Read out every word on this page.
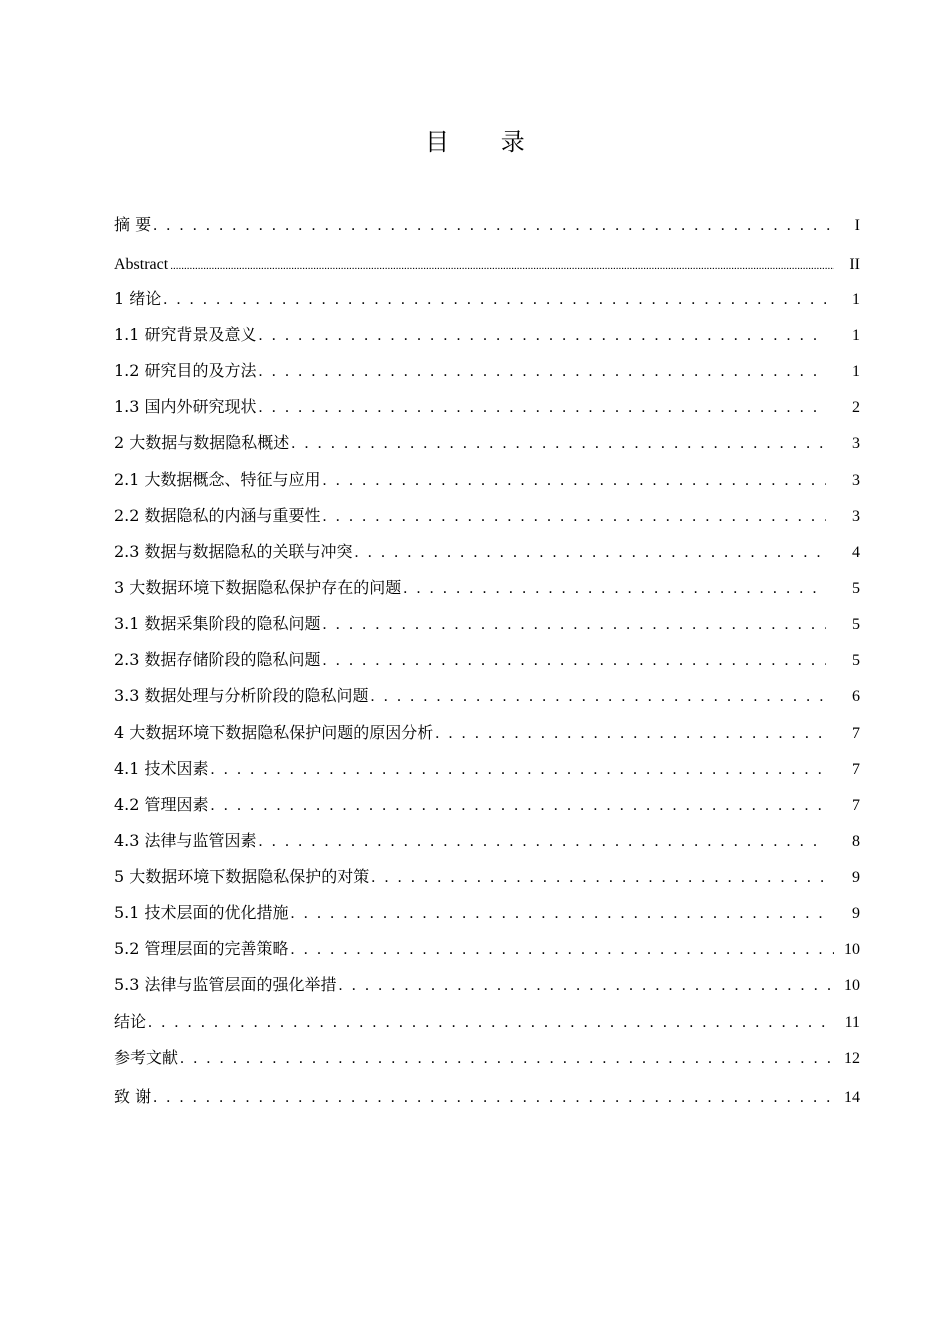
目 录
摘 要 . . .	I
Abstract .....	II
1 绪论 . . .	1
1.1 研究背景及意义 . . .	1
1.2 研究目的及方法 . . .	1
1.3 国内外研究现状 . . .	2
2 大数据与数据隐私概述 . . .	3
2.1 大数据概念、特征与应用 . . .	3
2.2 数据隐私的内涵与重要性 . . .	3
2.3 数据与数据隐私的关联与冲突 . . .	4
3 大数据环境下数据隐私保护存在的问题 . . .	5
3.1 数据采集阶段的隐私问题 . . .	5
2.3 数据存储阶段的隐私问题 . . .	5
3.3 数据处理与分析阶段的隐私问题 . . .	6
4 大数据环境下数据隐私保护问题的原因分析 . . .	7
4.1 技术因素 . . .	7
4.2 管理因素 . . .	7
4.3 法律与监管因素 . . .	8
5 大数据环境下数据隐私保护的对策 . . .	9
5.1 技术层面的优化措施 . . .	9
5.2 管理层面的完善策略 . . .	10
5.3 法律与监管层面的强化举措 . . .	10
结论 . . .	11
参考文献 . . .	12
致 谢 . . .	14
